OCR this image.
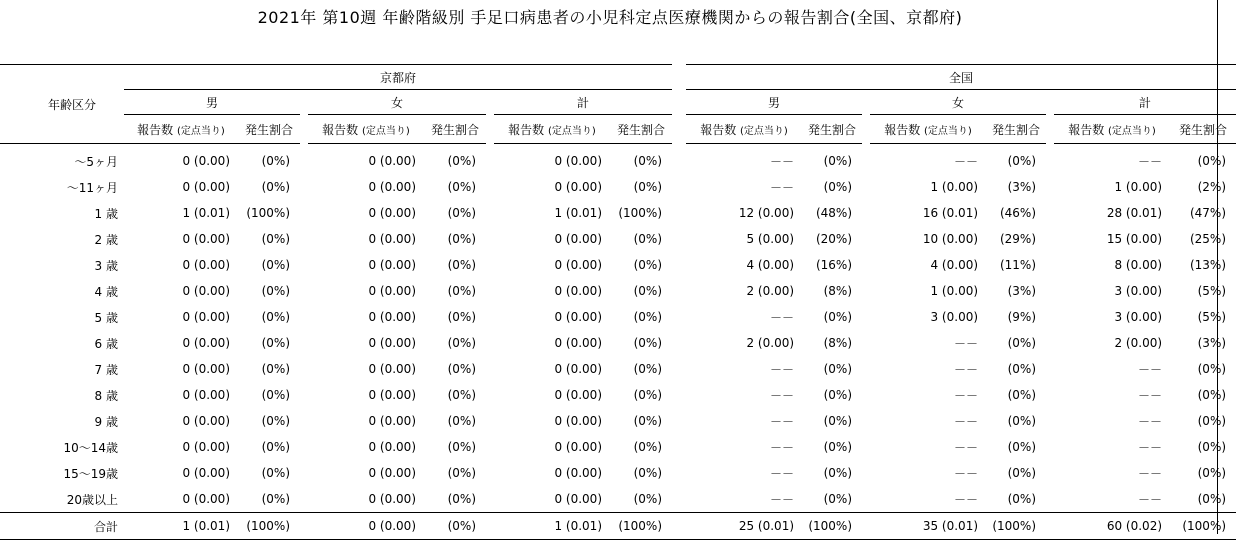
2021年 第10週 年齢階級別 手足口病患者の小児科定点医療機関からの報告割合(全国、京都府)
年齢区分	京都府									全国							
	男			女			計			男			女			計	
	報告数 (定点当り)	発生割合		報告数 (定点当り)	発生割合		報告数 (定点当り)	発生割合		報告数 (定点当り)	発生割合		報告数 (定点当り)	発生割合		報告数 (定点当り)	発生割合
～5ヶ月	0 (0.00)	(0%)		0 (0.00)	(0%)		0 (0.00)	(0%)		－－	(0%)		－－	(0%)		－－	(0%)
～11ヶ月	0 (0.00)	(0%)		0 (0.00)	(0%)		0 (0.00)	(0%)		－－	(0%)		1 (0.00)	(3%)		1 (0.00)	(2%)
1 歳	1 (0.01)	(100%)		0 (0.00)	(0%)		1 (0.01)	(100%)		12 (0.00)	(48%)		16 (0.01)	(46%)		28 (0.01)	(47%)
2 歳	0 (0.00)	(0%)		0 (0.00)	(0%)		0 (0.00)	(0%)		5 (0.00)	(20%)		10 (0.00)	(29%)		15 (0.00)	(25%)
3 歳	0 (0.00)	(0%)		0 (0.00)	(0%)		0 (0.00)	(0%)		4 (0.00)	(16%)		4 (0.00)	(11%)		8 (0.00)	(13%)
4 歳	0 (0.00)	(0%)		0 (0.00)	(0%)		0 (0.00)	(0%)		2 (0.00)	(8%)		1 (0.00)	(3%)		3 (0.00)	(5%)
5 歳	0 (0.00)	(0%)		0 (0.00)	(0%)		0 (0.00)	(0%)		－－	(0%)		3 (0.00)	(9%)		3 (0.00)	(5%)
6 歳	0 (0.00)	(0%)		0 (0.00)	(0%)		0 (0.00)	(0%)		2 (0.00)	(8%)		－－	(0%)		2 (0.00)	(3%)
7 歳	0 (0.00)	(0%)		0 (0.00)	(0%)		0 (0.00)	(0%)		－－	(0%)		－－	(0%)		－－	(0%)
8 歳	0 (0.00)	(0%)		0 (0.00)	(0%)		0 (0.00)	(0%)		－－	(0%)		－－	(0%)		－－	(0%)
9 歳	0 (0.00)	(0%)		0 (0.00)	(0%)		0 (0.00)	(0%)		－－	(0%)		－－	(0%)		－－	(0%)
10～14歳	0 (0.00)	(0%)		0 (0.00)	(0%)		0 (0.00)	(0%)		－－	(0%)		－－	(0%)		－－	(0%)
15～19歳	0 (0.00)	(0%)		0 (0.00)	(0%)		0 (0.00)	(0%)		－－	(0%)		－－	(0%)		－－	(0%)
20歳以上	0 (0.00)	(0%)		0 (0.00)	(0%)		0 (0.00)	(0%)		－－	(0%)		－－	(0%)		－－	(0%)
合計	1 (0.01)	(100%)		0 (0.00)	(0%)		1 (0.01)	(100%)		25 (0.01)	(100%)		35 (0.01)	(100%)		60 (0.02)	(100%)
